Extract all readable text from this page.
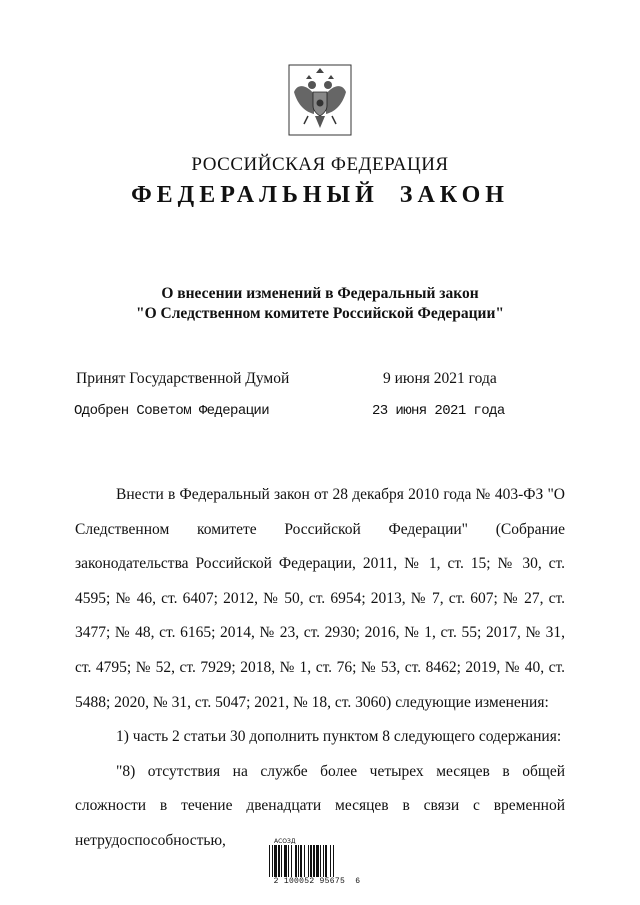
РОССИЙСКАЯ ФЕДЕРАЦИЯ
ФЕДЕРАЛЬНЫЙ ЗАКОН
О внесении изменений в Федеральный закон
"О Следственном комитете Российской Федерации"
Принят Государственной Думой	9 июня 2021 года
Одобрен Советом Федерации	23 июня 2021 года

Внести в Федеральный закон от 28 декабря 2010 года № 403-ФЗ "О Следственном комитете Российской Федерации" (Собрание законодательства Российской Федерации, 2011, № 1, ст. 15; № 30, ст. 4595; № 46, ст. 6407; 2012, № 50, ст. 6954; 2013, № 7, ст. 607; № 27, ст. 3477; № 48, ст. 6165; 2014, № 23, ст. 2930; 2016, № 1, ст. 55; 2017, № 31, ст. 4795; № 52, ст. 7929; 2018, № 1, ст. 76; № 53, ст. 8462; 2019, № 40, ст. 5488; 2020, № 31, ст. 5047; 2021, № 18, ст. 3060) следующие изменения:

1) часть 2 статьи 30 дополнить пунктом 8 следующего содержания:

"8) отсутствия на службе более четырех месяцев в общей сложности в течение двенадцати месяцев в связи с временной нетрудоспособностью,	АСОЗД
2 100052 95675  6
